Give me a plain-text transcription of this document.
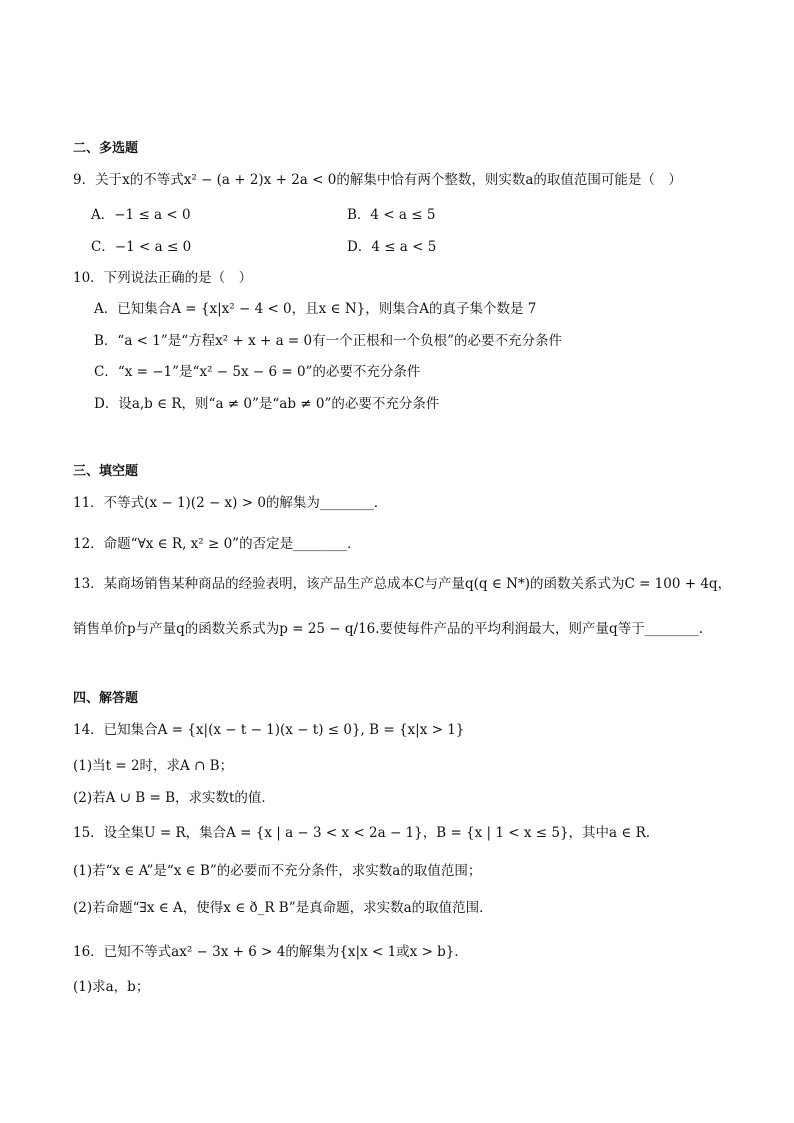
二、多选题
9．关于x的不等式x² − (a + 2)x + 2a < 0的解集中恰有两个整数，则实数a的取值范围可能是（　）
A．−1 ≤ a < 0	B．4 < a ≤ 5
C．−1 < a ≤ 0	D．4 ≤ a < 5
10．下列说法正确的是（　）
A．已知集合A = {x|x² − 4 < 0，且x ∈ N}，则集合A的真子集个数是 7
B．“a < 1”是“方程x² + x + a = 0有一个正根和一个负根”的必要不充分条件
C．“x = −1”是“x² − 5x − 6 = 0”的必要不充分条件
D．设a,b ∈ R，则“a ≠ 0”是“ab ≠ 0”的必要不充分条件
三、填空题
11．不等式(x − 1)(2 − x) > 0的解集为________．
12．命题“∀x ∈ R, x² ≥ 0”的否定是________．
13．某商场销售某种商品的经验表明，该产品生产总成本C与产量q(q ∈ N*)的函数关系式为C = 100 + 4q，
销售单价p与产量q的函数关系式为p = 25 − q/16.要使每件产品的平均利润最大，则产量q等于________.
四、解答题
14．已知集合A = {x|(x − t − 1)(x − t) ≤ 0}, B = {x|x > 1}
(1)当t = 2时，求A ∩ B；
(2)若A ∪ B = B，求实数t的值．
15．设全集U = R，集合A = {x | a − 3 < x < 2a − 1}，B = {x | 1 < x ≤ 5}，其中a ∈ R．
(1)若“x ∈ A”是“x ∈ B”的必要而不充分条件，求实数a的取值范围；
(2)若命题“∃x ∈ A，使得x ∈ ð_R B”是真命题，求实数a的取值范围．
16．已知不等式ax² − 3x + 6 > 4的解集为{x|x < 1或x > b}．
(1)求a，b；
